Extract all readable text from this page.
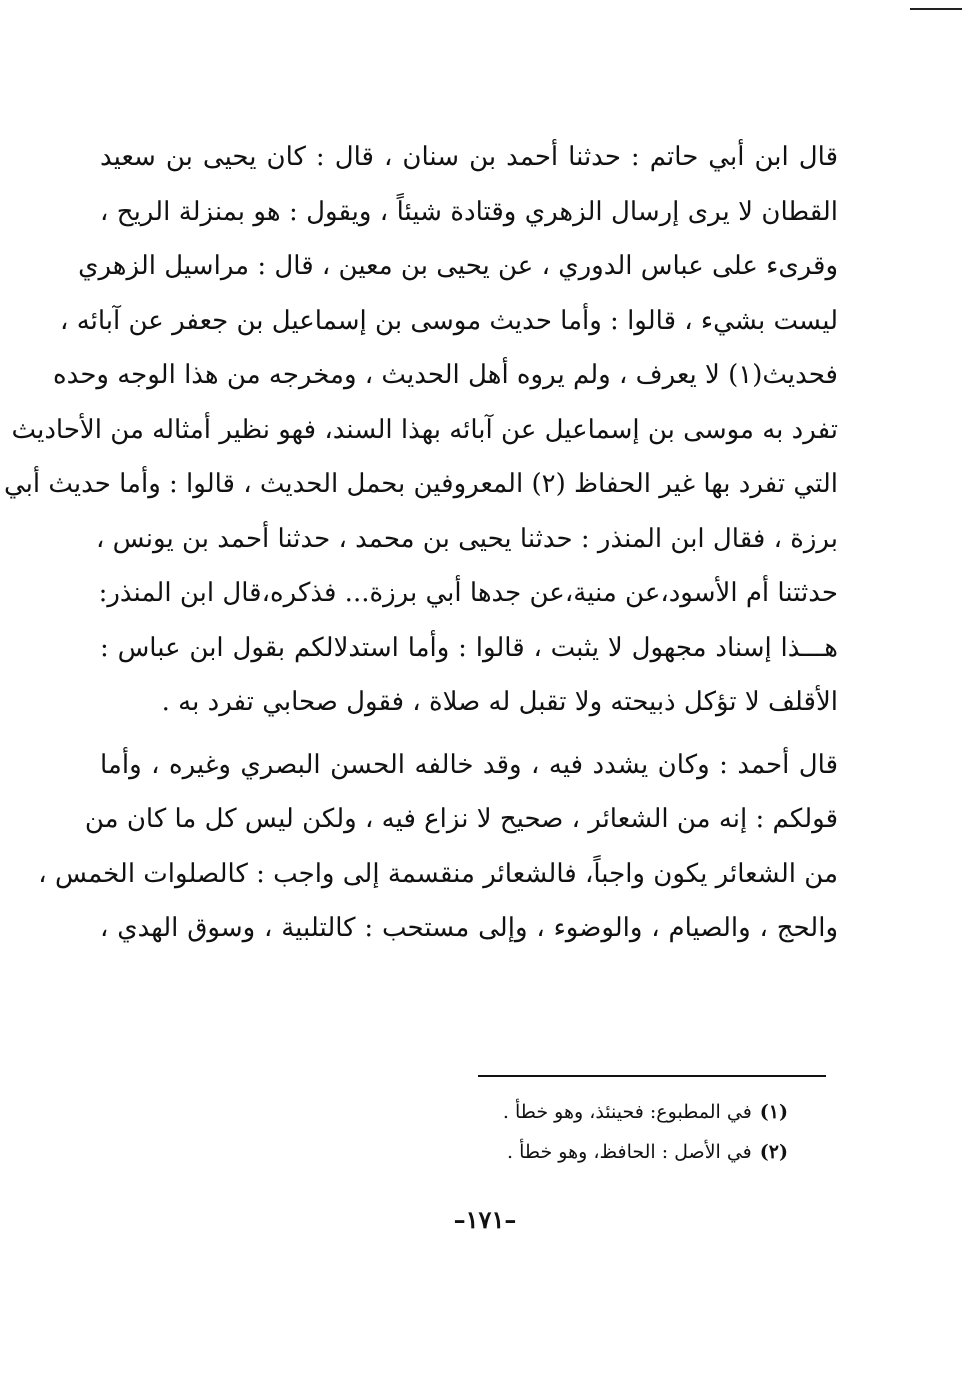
قال ابن أبي حاتم : حدثنا أحمد بن سنان ، قال : كان يحيى بن سعيد
القطان لا يرى إرسال الزهري وقتادة شيئاً ، ويقول : هو بمنزلة الريح ،
وقرىء على عباس الدوري ، عن يحيى بن معين ، قال : مراسيل الزهري
ليست بشيء ، قالوا : وأما حديث موسى بن إسماعيل بن جعفر عن آبائه ،
فحديث(١) لا يعرف ، ولم يروه أهل الحديث ، ومخرجه من هذا الوجه وحده
تفرد به موسى بن إسماعيل عن آبائه بهذا السند، فهو نظير أمثاله من الأحاديث
التي تفرد بها غير الحفاظ (٢) المعروفين بحمل الحديث ، قالوا : وأما حديث أبي
برزة ، فقال ابن المنذر : حدثنا يحيى بن محمد ، حدثنا أحمد بن يونس ،
حدثتنا أم الأسود،عن منية،عن جدها أبي برزة... فذكره،قال ابن المنذر:
هـــذا إسناد مجهول لا يثبت ، قالوا : وأما استدلالكم بقول ابن عباس :
الأقلف لا تؤكل ذبيحته ولا تقبل له صلاة ، فقول صحابي تفرد به .
قال أحمد : وكان يشدد فيه ، وقد خالفه الحسن البصري وغيره ، وأما
قولكم : إنه من الشعائر ، صحيح لا نزاع فيه ، ولكن ليس كل ما كان من
من الشعائر يكون واجباً، فالشعائر منقسمة إلى واجب : كالصلوات الخمس ،
والحج ، والصيام ، والوضوء ، وإلى مستحب : كالتلبية ، وسوق الهدي ،
(١)في المطبوع: فحينئذ، وهو خطأ .
(٢)في الأصل : الحافظ، وهو خطأ .
–١٧١–
